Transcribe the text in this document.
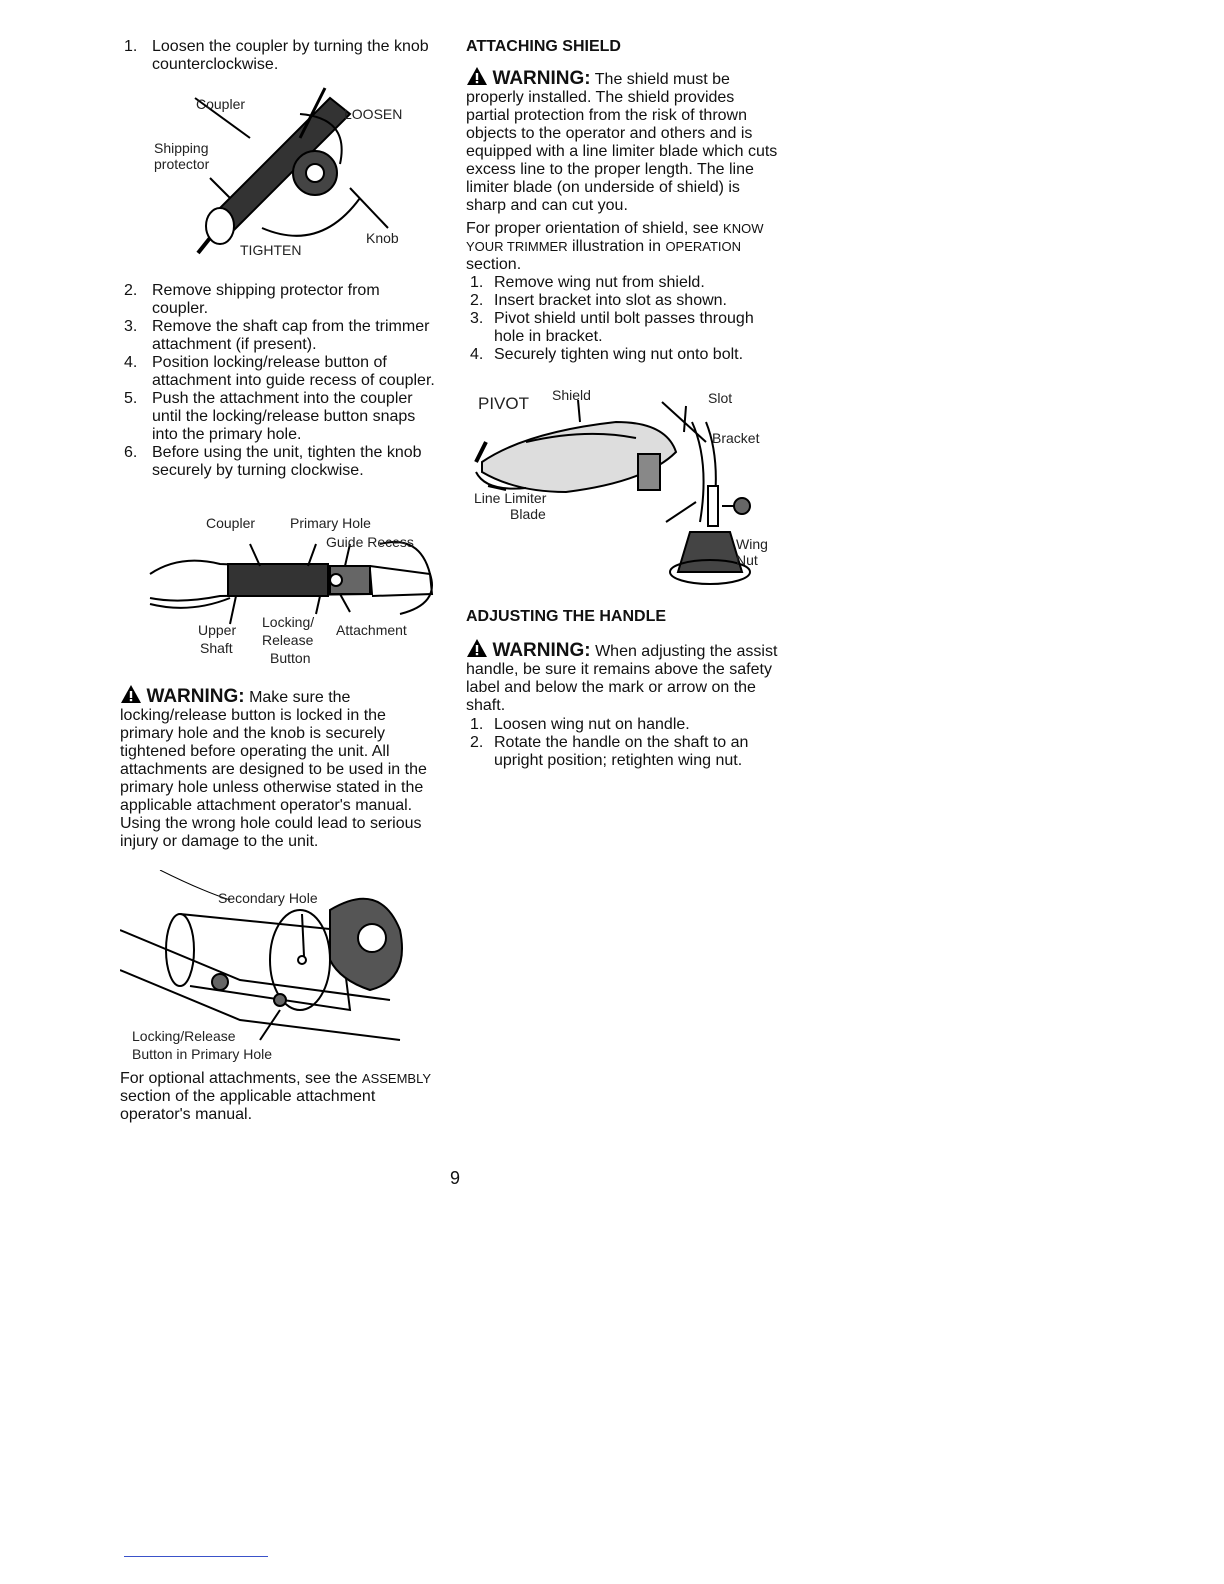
1. Loosen the coupler by turning the knob counterclockwise.
Coupler
LOOSEN
Shipping
protector
TIGHTEN
Knob
2. Remove shipping protector from coupler.
3. Remove the shaft cap from the trimmer attachment (if present).
4. Position locking/release button of attachment into guide recess of coupler.
5. Push the attachment into the coupler until the locking/release button snaps into the primary hole.
6. Before using the unit, tighten the knob securely by turning clockwise.
Coupler Primary Hole
Guide Recess
Upper
Shaft
Locking/
Release
Button
Attachment

WARNING: Make sure the locking/release button is locked in the primary hole and the knob is securely tightened before operating the unit. All attachments are designed to be used in the primary hole unless otherwise stated in the applicable attachment operator's manual. Using the wrong hole could lead to serious injury or damage to the unit.

Secondary Hole
Locking/Release
Button in Primary Hole

For optional attachments, see the ASSEMBLY section of the applicable attachment operator's manual.

ATTACHING SHIELD

WARNING: The shield must be properly installed. The shield provides partial protection from the risk of thrown objects to the operator and others and is equipped with a line limiter blade which cuts excess line to the proper length. The line limiter blade (on underside of shield) is sharp and can cut you.

For proper orientation of shield, see KNOW YOUR TRIMMER illustration in OPERATION section.

1. Remove wing nut from shield.
2. Insert bracket into slot as shown.
3. Pivot shield until bolt passes through hole in bracket.
4. Securely tighten wing nut onto bolt.
PIVOT Shield	Slot
Bracket
Line Limiter
Blade
Wing
Nut

ADJUSTING THE HANDLE

WARNING: When adjusting the assist handle, be sure it remains above the safety label and below the mark or arrow on the shaft.

1. Loosen wing nut on handle.
2. Rotate the handle on the shaft to an upright position; retighten wing nut.
9
